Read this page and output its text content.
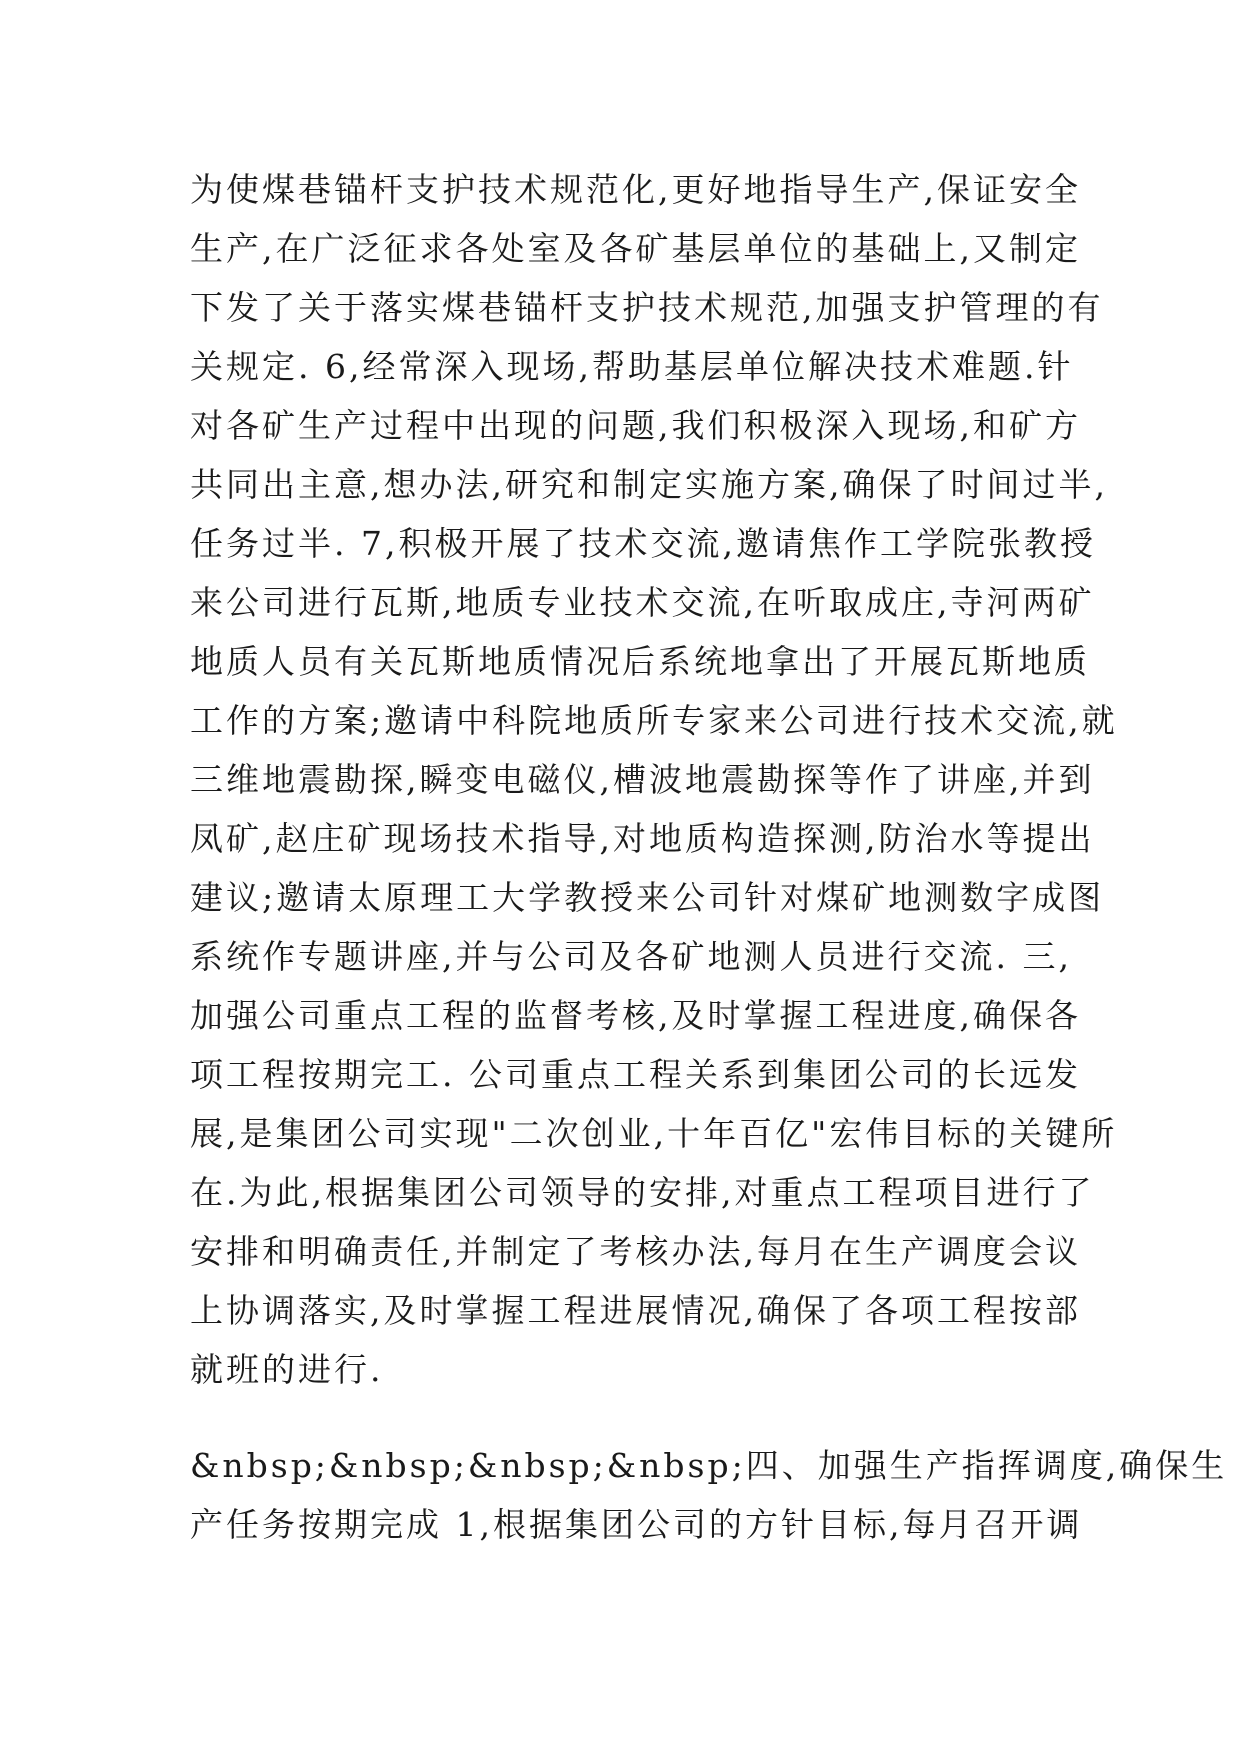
为使煤巷锚杆支护技术规范化,更好地指导生产,保证安全
生产,在广泛征求各处室及各矿基层单位的基础上,又制定
下发了关于落实煤巷锚杆支护技术规范,加强支护管理的有
关规定. 6,经常深入现场,帮助基层单位解决技术难题.针
对各矿生产过程中出现的问题,我们积极深入现场,和矿方
共同出主意,想办法,研究和制定实施方案,确保了时间过半,
任务过半. 7,积极开展了技术交流,邀请焦作工学院张教授
来公司进行瓦斯,地质专业技术交流,在听取成庄,寺河两矿
地质人员有关瓦斯地质情况后系统地拿出了开展瓦斯地质
工作的方案;邀请中科院地质所专家来公司进行技术交流,就
三维地震勘探,瞬变电磁仪,槽波地震勘探等作了讲座,并到
凤矿,赵庄矿现场技术指导,对地质构造探测,防治水等提出
建议;邀请太原理工大学教授来公司针对煤矿地测数字成图
系统作专题讲座,并与公司及各矿地测人员进行交流. 三,
加强公司重点工程的监督考核,及时掌握工程进度,确保各
项工程按期完工. 公司重点工程关系到集团公司的长远发
展,是集团公司实现"二次创业,十年百亿"宏伟目标的关键所
在.为此,根据集团公司领导的安排,对重点工程项目进行了
安排和明确责任,并制定了考核办法,每月在生产调度会议
上协调落实,及时掌握工程进展情况,确保了各项工程按部
就班的进行.
&nbsp;&nbsp;&nbsp;&nbsp;四、加强生产指挥调度,确保生
产任务按期完成 1,根据集团公司的方针目标,每月召开调
